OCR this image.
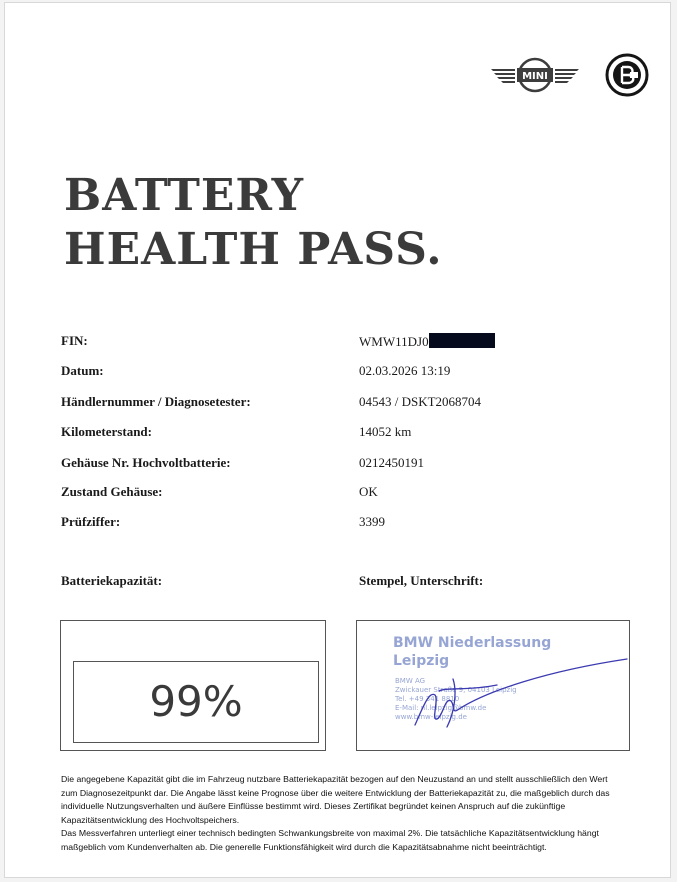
MINI
BATTERY
HEALTH PASS.
FIN:	WMW11DJ0
Datum:	02.03.2026 13:19
Händlernummer / Diagnosetester:	04543 / DSKT2068704
Kilometerstand:	14052 km
Gehäuse Nr. Hochvoltbatterie:	0212450191
Zustand Gehäuse:	OK
Prüfziffer:	3399
Batteriekapazität:	Stempel, Unterschrift:
99%
BMW Niederlassung
Leipzig
BMW AG
Zwickauer Straße 9, 04103 Leipzig
Tel. +49 341 8810
E-Mail: nl.leipzig@bmw.de
www.bmw-leipzig.de

Die angegebene Kapazität gibt die im Fahrzeug nutzbare Batteriekapazität bezogen auf den Neuzustand an und stellt ausschließlich den Wert zum Diagnosezeitpunkt dar. Die Angabe lässt keine Prognose über die weitere Entwicklung der Batteriekapazität zu, die maßgeblich durch das individuelle Nutzungsverhalten und äußere Einflüsse bestimmt wird. Dieses Zertifikat begründet keinen Anspruch auf die zukünftige Kapazitätsentwicklung des Hochvoltspeichers.

Das Messverfahren unterliegt einer technisch bedingten Schwankungsbreite von maximal 2%. Die tatsächliche Kapazitätsentwicklung hängt maßgeblich vom Kundenverhalten ab. Die generelle Funktionsfähigkeit wird durch die Kapazitätsabnahme nicht beeinträchtigt.
